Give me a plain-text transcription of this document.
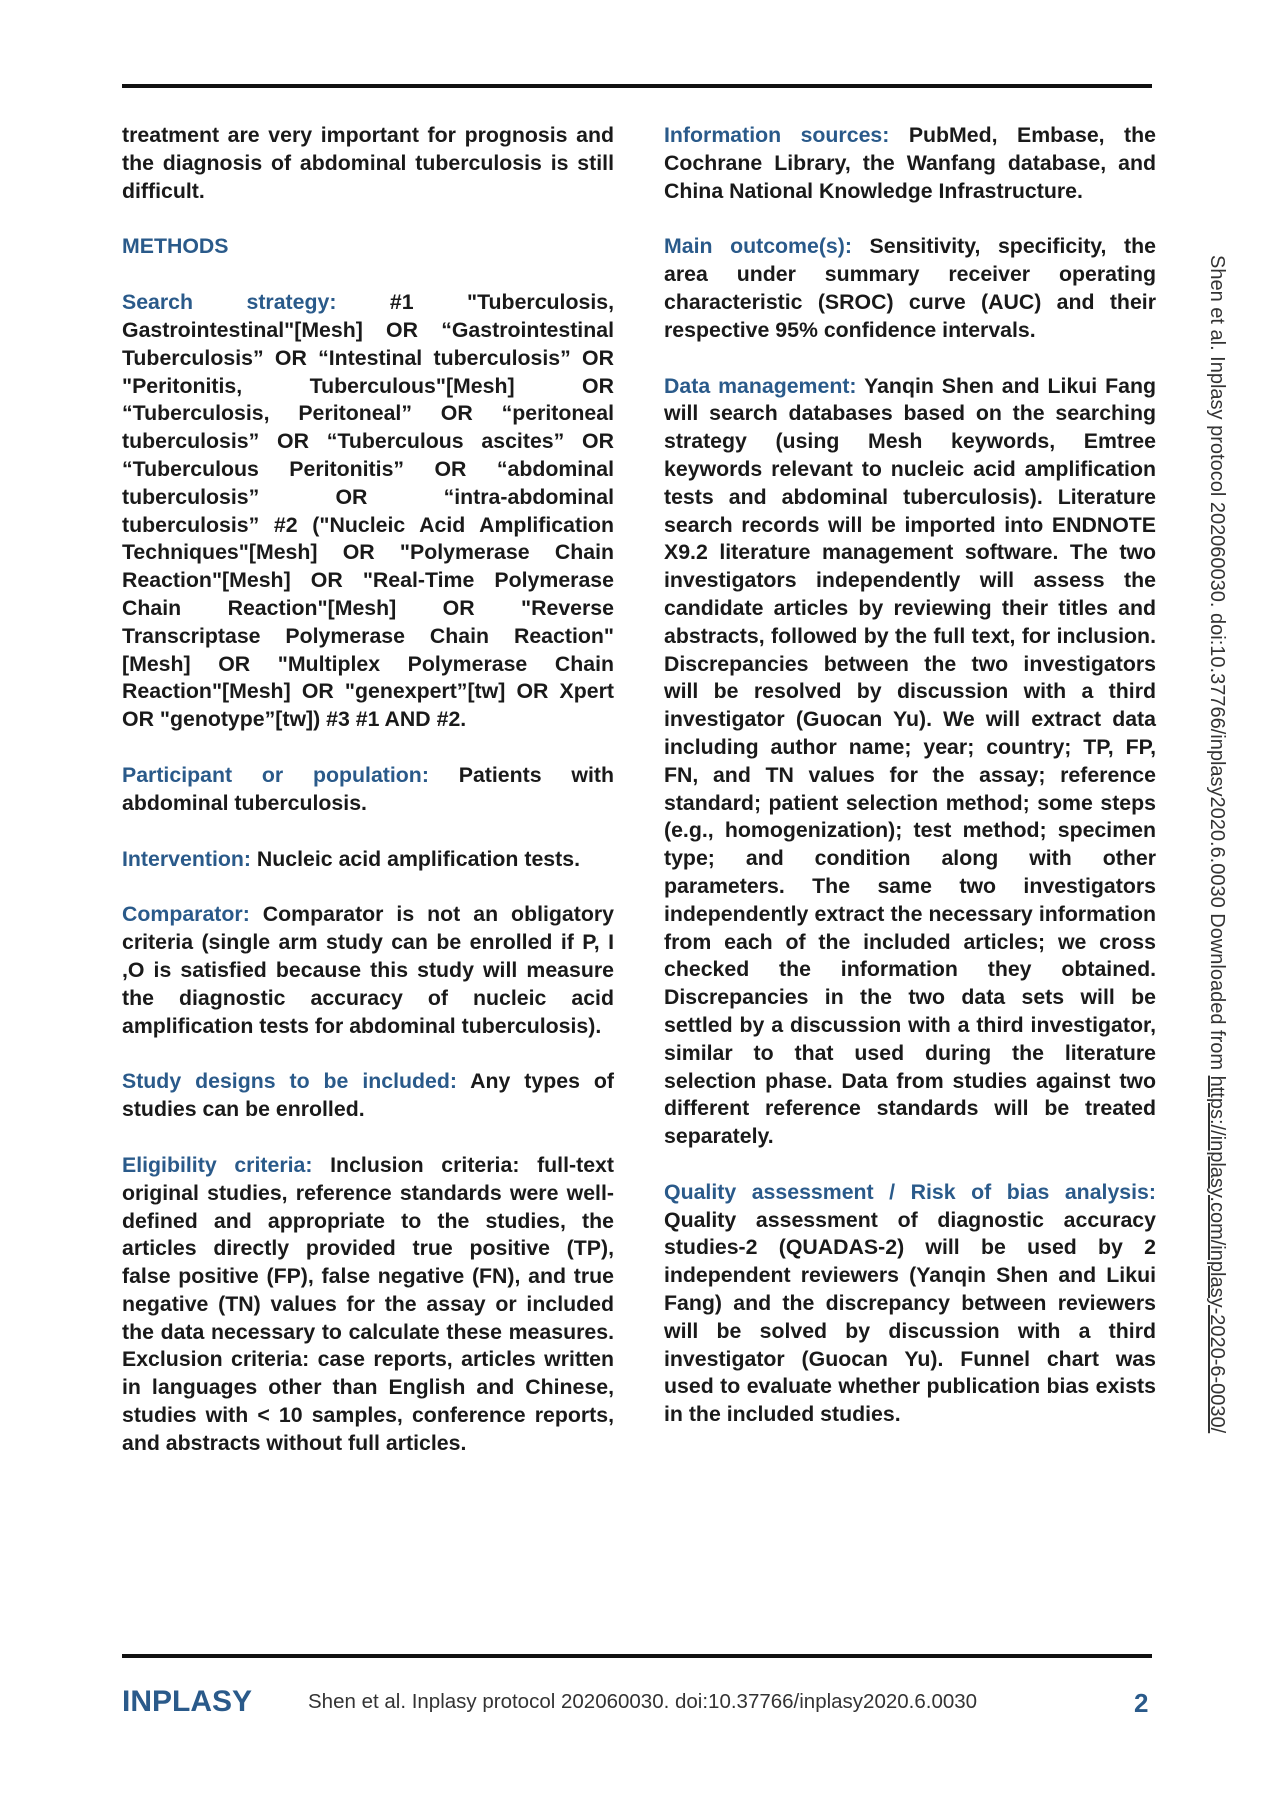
treatment are very important for prognosis and the diagnosis of abdominal tuberculosis is still difficult.

METHODS

Search strategy:	#1 "Tuberculosis, Gastrointestinal"[Mesh] OR “Gastrointestinal Tuberculosis” OR “Intestinal tuberculosis” OR "Peritonitis, Tuberculous"[Mesh] OR “Tuberculosis, Peritoneal” OR “peritoneal tuberculosis” OR “Tuberculous ascites” OR “Tuberculous Peritonitis” OR “abdominal tuberculosis” OR “intra-abdominal tuberculosis” #2 ("Nucleic Acid Amplification Techniques"[Mesh] OR "Polymerase Chain Reaction"[Mesh] OR "Real-Time Polymerase Chain Reaction"[Mesh] OR "Reverse Transcriptase Polymerase Chain Reaction"[Mesh] OR "Multiplex Polymerase Chain Reaction"[Mesh] OR "genexpert”[tw] OR Xpert OR "genotype”[tw]) #3 #1 AND #2.

Participant or population: Patients with abdominal tuberculosis.

Intervention: Nucleic acid amplification tests.

Comparator: Comparator is not an obligatory criteria (single arm study can be enrolled if P, I ,O is satisfied because this study will measure the diagnostic accuracy of nucleic acid amplification tests for abdominal tuberculosis).

Study designs to be included: Any types of studies can be enrolled.

Eligibility criteria: Inclusion criteria: full-text original studies, reference standards were well-defined and appropriate to the studies, the articles directly provided true positive (TP), false positive (FP), false negative (FN), and true negative (TN) values for the assay or included the data necessary to calculate these measures. Exclusion criteria: case reports, articles written in languages other than English and Chinese, studies with < 10 samples, conference reports, and abstracts without full articles.

Information sources: PubMed, Embase, the Cochrane Library, the Wanfang database, and China National Knowledge Infrastructure.

Main outcome(s): Sensitivity, specificity, the area under summary receiver operating characteristic (SROC) curve (AUC) and their respective 95% confidence intervals.

Data management: Yanqin Shen and Likui Fang will search databases based on the searching strategy (using Mesh keywords, Emtree keywords relevant to nucleic acid amplification tests and abdominal tuberculosis). Literature search records will be imported into ENDNOTE X9.2 literature management software. The two investigators independently will assess the candidate articles by reviewing their titles and abstracts, followed by the full text, for inclusion. Discrepancies between the two investigators will be resolved by discussion with a third investigator (Guocan Yu). We will extract data including author name; year; country; TP, FP, FN, and TN values for the assay; reference standard; patient selection method; some steps (e.g., homogenization); test method; specimen type; and condition along with other parameters. The same two investigators independently extract the necessary information from each of the included articles; we cross checked the information they obtained. Discrepancies in the two data sets will be settled by a discussion with a third investigator, similar to that used during the literature selection phase. Data from studies against two different reference standards will be treated separately.

Quality assessment / Risk of bias analysis: Quality assessment of diagnostic accuracy studies-2 (QUADAS-2) will be used by 2 independent reviewers (Yanqin Shen and Likui Fang) and the discrepancy between reviewers will be solved by discussion with a third investigator (Guocan Yu). Funnel chart was used to evaluate whether publication bias exists in the included studies.

Shen et al. Inplasy protocol 202060030. doi:10.37766/inplasy2020.6.0030 Downloaded from https://inplasy.com/inplasy-2020-6-0030/
INPLASY	Shen et al. Inplasy protocol 202060030. doi:10.37766/inplasy2020.6.0030	2
